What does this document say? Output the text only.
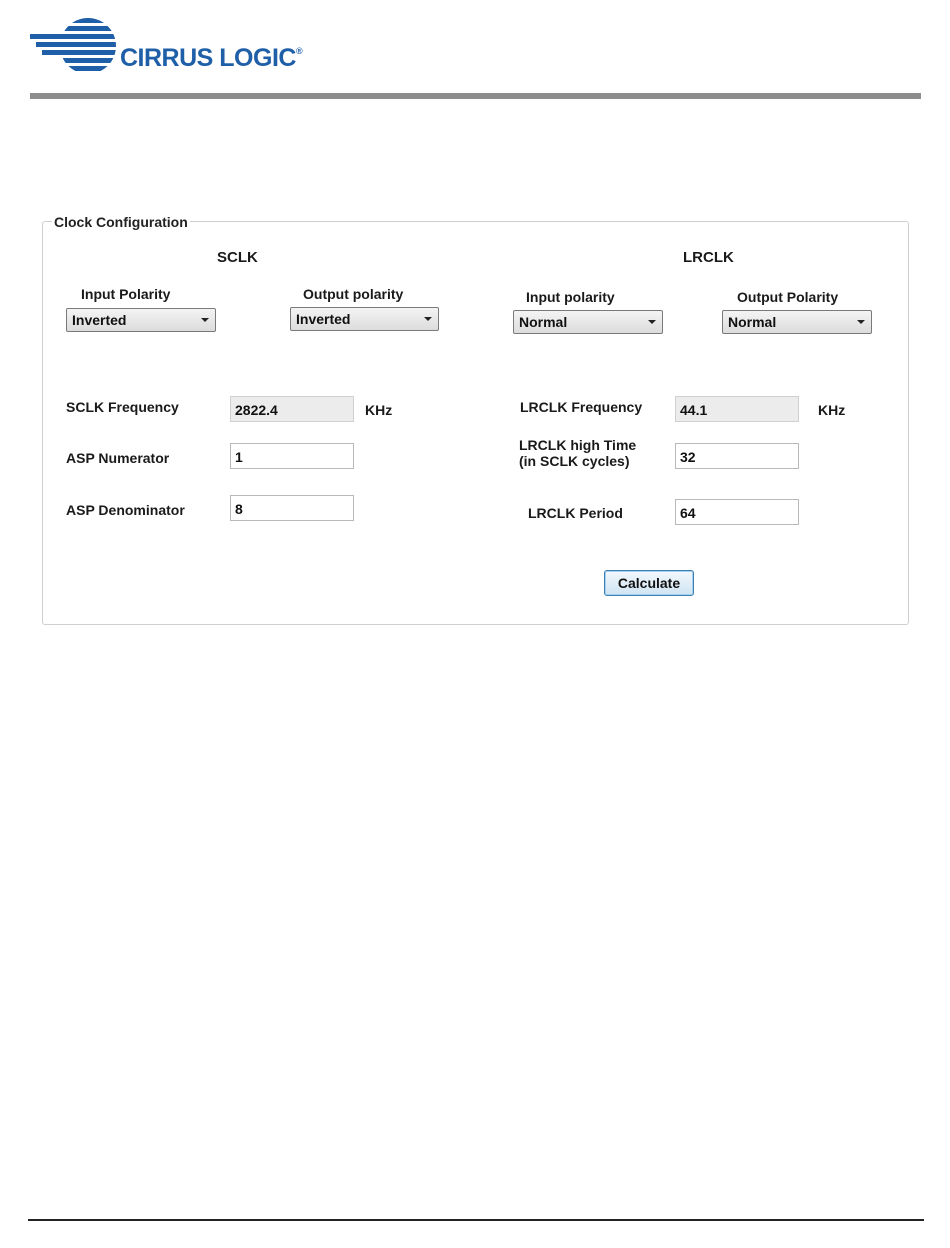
CIRRUS LOGIC®
Clock Configuration
SCLK	LRCLK
Input Polarity
Inverted
Output polarity
Inverted
Input polarity
Normal
Output Polarity
Normal
SCLK Frequency	2822.4	KHz
ASP Numerator	1
ASP Denominator	8
LRCLK Frequency	44.1	KHz
LRCLK high Time
(in SCLK cycles)	32
LRCLK Period	64
Calculate
